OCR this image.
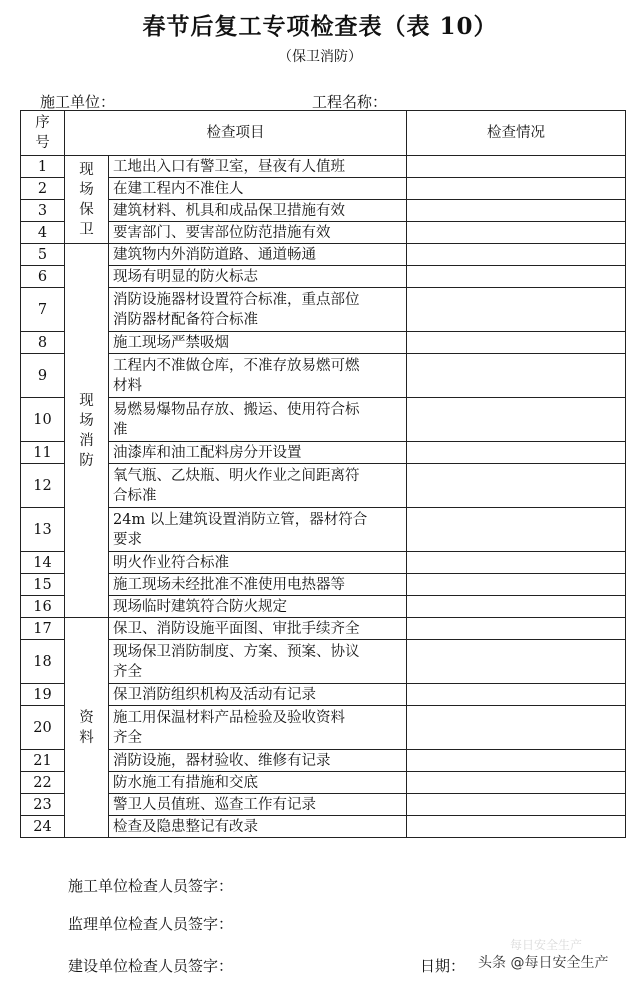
春节后复工专项检查表（表 10）
（保卫消防）
施工单位：	工程名称：
序
号	检查项目		检查情况
1	现
场
保
卫	工地出入口有警卫室，昼夜有人值班	
2		在建工程内不准住人	
3		建筑材料、机具和成品保卫措施有效	
4		要害部门、要害部位防范措施有效	
5	现
场
消
防	建筑物内外消防道路、通道畅通	
6		现场有明显的防火标志	
7		消防设施器材设置符合标准，重点部位
消防器材配备符合标准	
8		施工现场严禁吸烟	
9		工程内不准做仓库，不准存放易燃可燃
材料	
10		易燃易爆物品存放、搬运、使用符合标
准	
11		油漆库和油工配料房分开设置	
12		氧气瓶、乙炔瓶、明火作业之间距离符
合标准	
13		24m 以上建筑设置消防立管，器材符合
要求	
14		明火作业符合标准	
15		施工现场未经批准不准使用电热器等	
16		现场临时建筑符合防火规定	
17	资
料	保卫、消防设施平面图、审批手续齐全	
18		现场保卫消防制度、方案、预案、协议
齐全	
19		保卫消防组织机构及活动有记录	
20		施工用保温材料产品检验及验收资料
齐全	
21		消防设施，器材验收、维修有记录	
22		防水施工有措施和交底	
23		警卫人员值班、巡查工作有记录	
24		检查及隐患整记有改录	
施工单位检查人员签字：
监理单位检查人员签字：
建设单位检查人员签字：	日期：
每日安全生产
头条 @每日安全生产
